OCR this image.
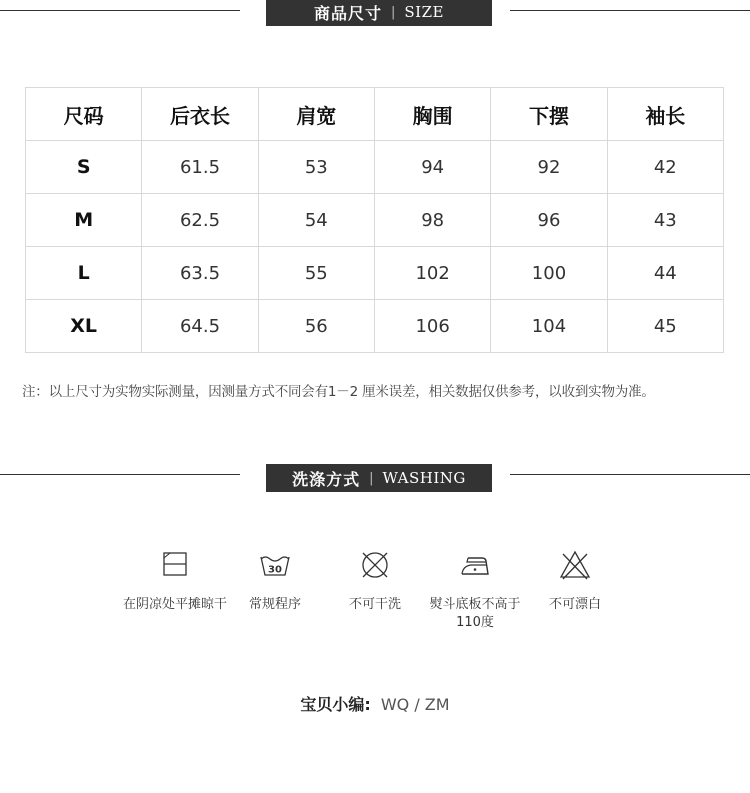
商品尺寸 | SIZE
尺码	后衣长	肩宽	胸围	下摆	袖长
S	61.5	53	94	92	42
M	62.5	54	98	96	43
L	63.5	55	102	100	44
XL	64.5	56	106	104	45
注：以上尺寸为实物实际测量，因测量方式不同会有1－2 厘米误差，相关数据仅供参考，以收到实物为准。
洗涤方式 | WASHING
在阴凉处平摊晾干
30
常规程序	不可干洗	熨斗底板不高于110度
不可漂白
宝贝小编: WQ / ZM
